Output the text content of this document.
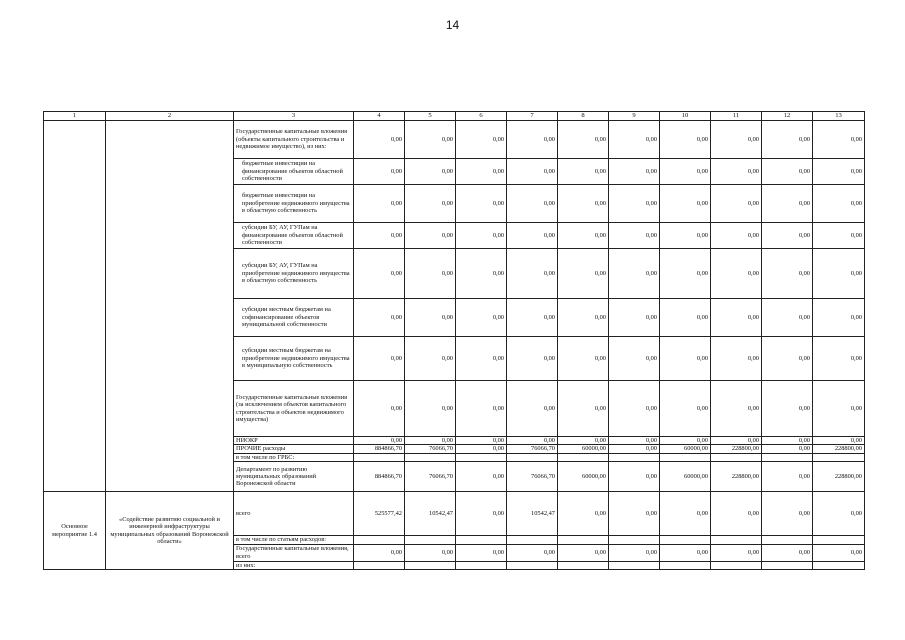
14
1	2	3	4	5	6	7	8	9	10	11	12	13
		Государственные капитальные вложения (объекты капитального строительства и недвижимое имущество), из них:	0,00	0,00	0,00	0,00	0,00	0,00	0,00	0,00	0,00	0,00
		бюджетные инвестиции на финансирование объектов областной собственности	0,00	0,00	0,00	0,00	0,00	0,00	0,00	0,00	0,00	0,00
		бюджетные инвестиции на приобретение недвижимого имущества в областную собственность	0,00	0,00	0,00	0,00	0,00	0,00	0,00	0,00	0,00	0,00
		субсидии БУ, АУ, ГУПам на финансирование объектов областной собственности	0,00	0,00	0,00	0,00	0,00	0,00	0,00	0,00	0,00	0,00
		субсидии БУ, АУ, ГУПам на приобретение недвижимого имущества в областную собственность	0,00	0,00	0,00	0,00	0,00	0,00	0,00	0,00	0,00	0,00
		субсидии местным бюджетам на софинансирование объектов муниципальной собственности	0,00	0,00	0,00	0,00	0,00	0,00	0,00	0,00	0,00	0,00
		субсидии местным бюджетам на приобретение недвижимого имущества в муниципальную собственность	0,00	0,00	0,00	0,00	0,00	0,00	0,00	0,00	0,00	0,00
		Государственные капитальные вложения (за исключением объектов капитального строительства и объектов недвижимого имущества)	0,00	0,00	0,00	0,00	0,00	0,00	0,00	0,00	0,00	0,00
		НИОКР	0,00	0,00	0,00	0,00	0,00	0,00	0,00	0,00	0,00	0,00
		ПРОЧИЕ расходы	884866,70	76066,70	0,00	76066,70	60000,00	0,00	60000,00	228800,00	0,00	228800,00
		в том числе по ГРБС:										
		Департамент по развитию муниципальных образований Воронежской области	884866,70	76066,70	0,00	76066,70	60000,00	0,00	60000,00	228800,00	0,00	228800,00
Основное мероприятие 1.4	«Содействие развитию социальной и инженерной инфраструктуры муниципальных образований Воронежской области»	всего	525577,42	10542,47	0,00	10542,47	0,00	0,00	0,00	0,00	0,00	0,00
		в том числе по статьям расходов:										
		Государственные капитальные вложения, всего	0,00	0,00	0,00	0,00	0,00	0,00	0,00	0,00	0,00	0,00
		из них:										
